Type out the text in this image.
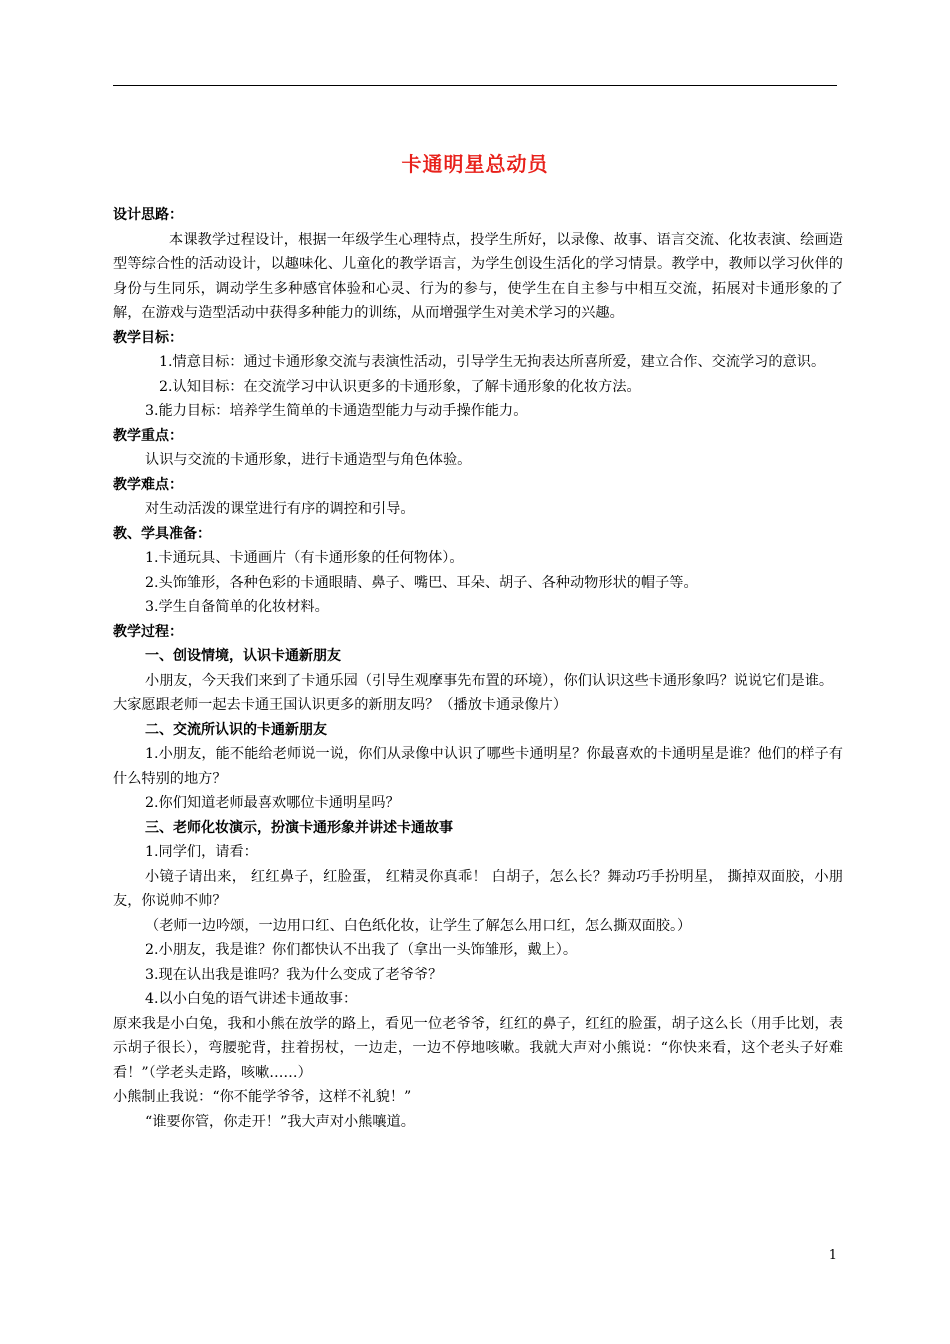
卡通明星总动员

设计思路：

本课教学过程设计，根据一年级学生心理特点，投学生所好，以录像、故事、语言交流、化妆表演、绘画造型等综合性的活动设计，以趣味化、儿童化的教学语言，为学生创设生活化的学习情景。教学中，教师以学习伙伴的身份与生同乐，调动学生多种感官体验和心灵、行为的参与，使学生在自主参与中相互交流，拓展对卡通形象的了解，在游戏与造型活动中获得多种能力的训练，从而增强学生对美术学习的兴趣。

教学目标：

1.情意目标：通过卡通形象交流与表演性活动，引导学生无拘表达所喜所爱，建立合作、交流学习的意识。

2.认知目标：在交流学习中认识更多的卡通形象，了解卡通形象的化妆方法。

3.能力目标：培养学生简单的卡通造型能力与动手操作能力。

教学重点：

认识与交流的卡通形象，进行卡通造型与角色体验。

教学难点：

对生动活泼的课堂进行有序的调控和引导。

教、学具准备：

1.卡通玩具、卡通画片（有卡通形象的任何物体）。

2.头饰雏形，各种色彩的卡通眼睛、鼻子、嘴巴、耳朵、胡子、各种动物形状的帽子等。

3.学生自备简单的化妆材料。

教学过程：

一、创设情境，认识卡通新朋友

小朋友，今天我们来到了卡通乐园（引导生观摩事先布置的环境），你们认识这些卡通形象吗？说说它们是谁。

大家愿跟老师一起去卡通王国认识更多的新朋友吗？（播放卡通录像片）

二、交流所认识的卡通新朋友

1.小朋友，能不能给老师说一说，你们从录像中认识了哪些卡通明星？你最喜欢的卡通明星是谁？他们的样子有什么特别的地方？

2.你们知道老师最喜欢哪位卡通明星吗？

三、老师化妆演示，扮演卡通形象并讲述卡通故事

1.同学们，请看：

小镜子请出来， 红红鼻子，红脸蛋， 红精灵你真乖！ 白胡子，怎么长？舞动巧手扮明星， 撕掉双面胶，小朋友，你说帅不帅？

（老师一边吟颂，一边用口红、白色纸化妆，让学生了解怎么用口红，怎么撕双面胶。）

2.小朋友，我是谁？你们都快认不出我了（拿出一头饰雏形，戴上）。

3.现在认出我是谁吗？我为什么变成了老爷爷？

4.以小白兔的语气讲述卡通故事：

原来我是小白兔，我和小熊在放学的路上，看见一位老爷爷，红红的鼻子，红红的脸蛋，胡子这么长（用手比划，表示胡子很长），弯腰驼背，拄着拐杖，一边走，一边不停地咳嗽。我就大声对小熊说：“你快来看，这个老头子好难看！”（学老头走路，咳嗽……）

小熊制止我说：“你不能学爷爷，这样不礼貌！”

“谁要你管，你走开！”我大声对小熊嚷道。

1
